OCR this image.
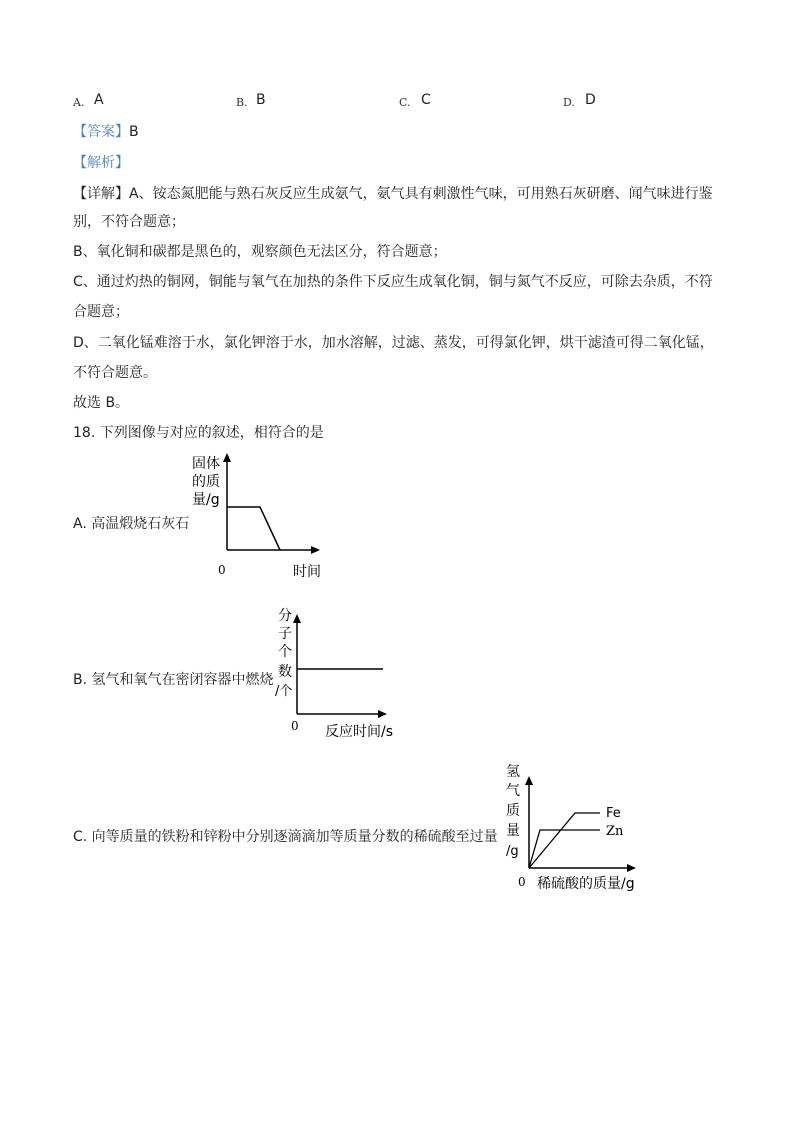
A. A	B. B	C. C	D. D
【答案】B
【解析】
【详解】A、铵态氮肥能与熟石灰反应生成氨气，氨气具有刺激性气味，可用熟石灰研磨、闻气味进行鉴
别，不符合题意；
B、氧化铜和碳都是黑色的，观察颜色无法区分，符合题意；
C、通过灼热的铜网，铜能与氧气在加热的条件下反应生成氧化铜，铜与氮气不反应，可除去杂质，不符
合题意；
D、二氧化锰难溶于水，氯化钾溶于水，加水溶解，过滤、蒸发，可得氯化钾，烘干滤渣可得二氧化锰，
不符合题意。
故选 B。
18. 下列图像与对应的叙述，相符合的是
A. 高温煅烧石灰石
固体
的质
量/g
0	时间
B. 氢气和氧气在密闭容器中燃烧
分
子
个
数
/个
0 反应时间/s
C. 向等质量的铁粉和锌粉中分别逐滴滴加等质量分数的稀硫酸至过量
氢
气
质
量
/g
Fe
Zn
0 稀硫酸的质量/g
